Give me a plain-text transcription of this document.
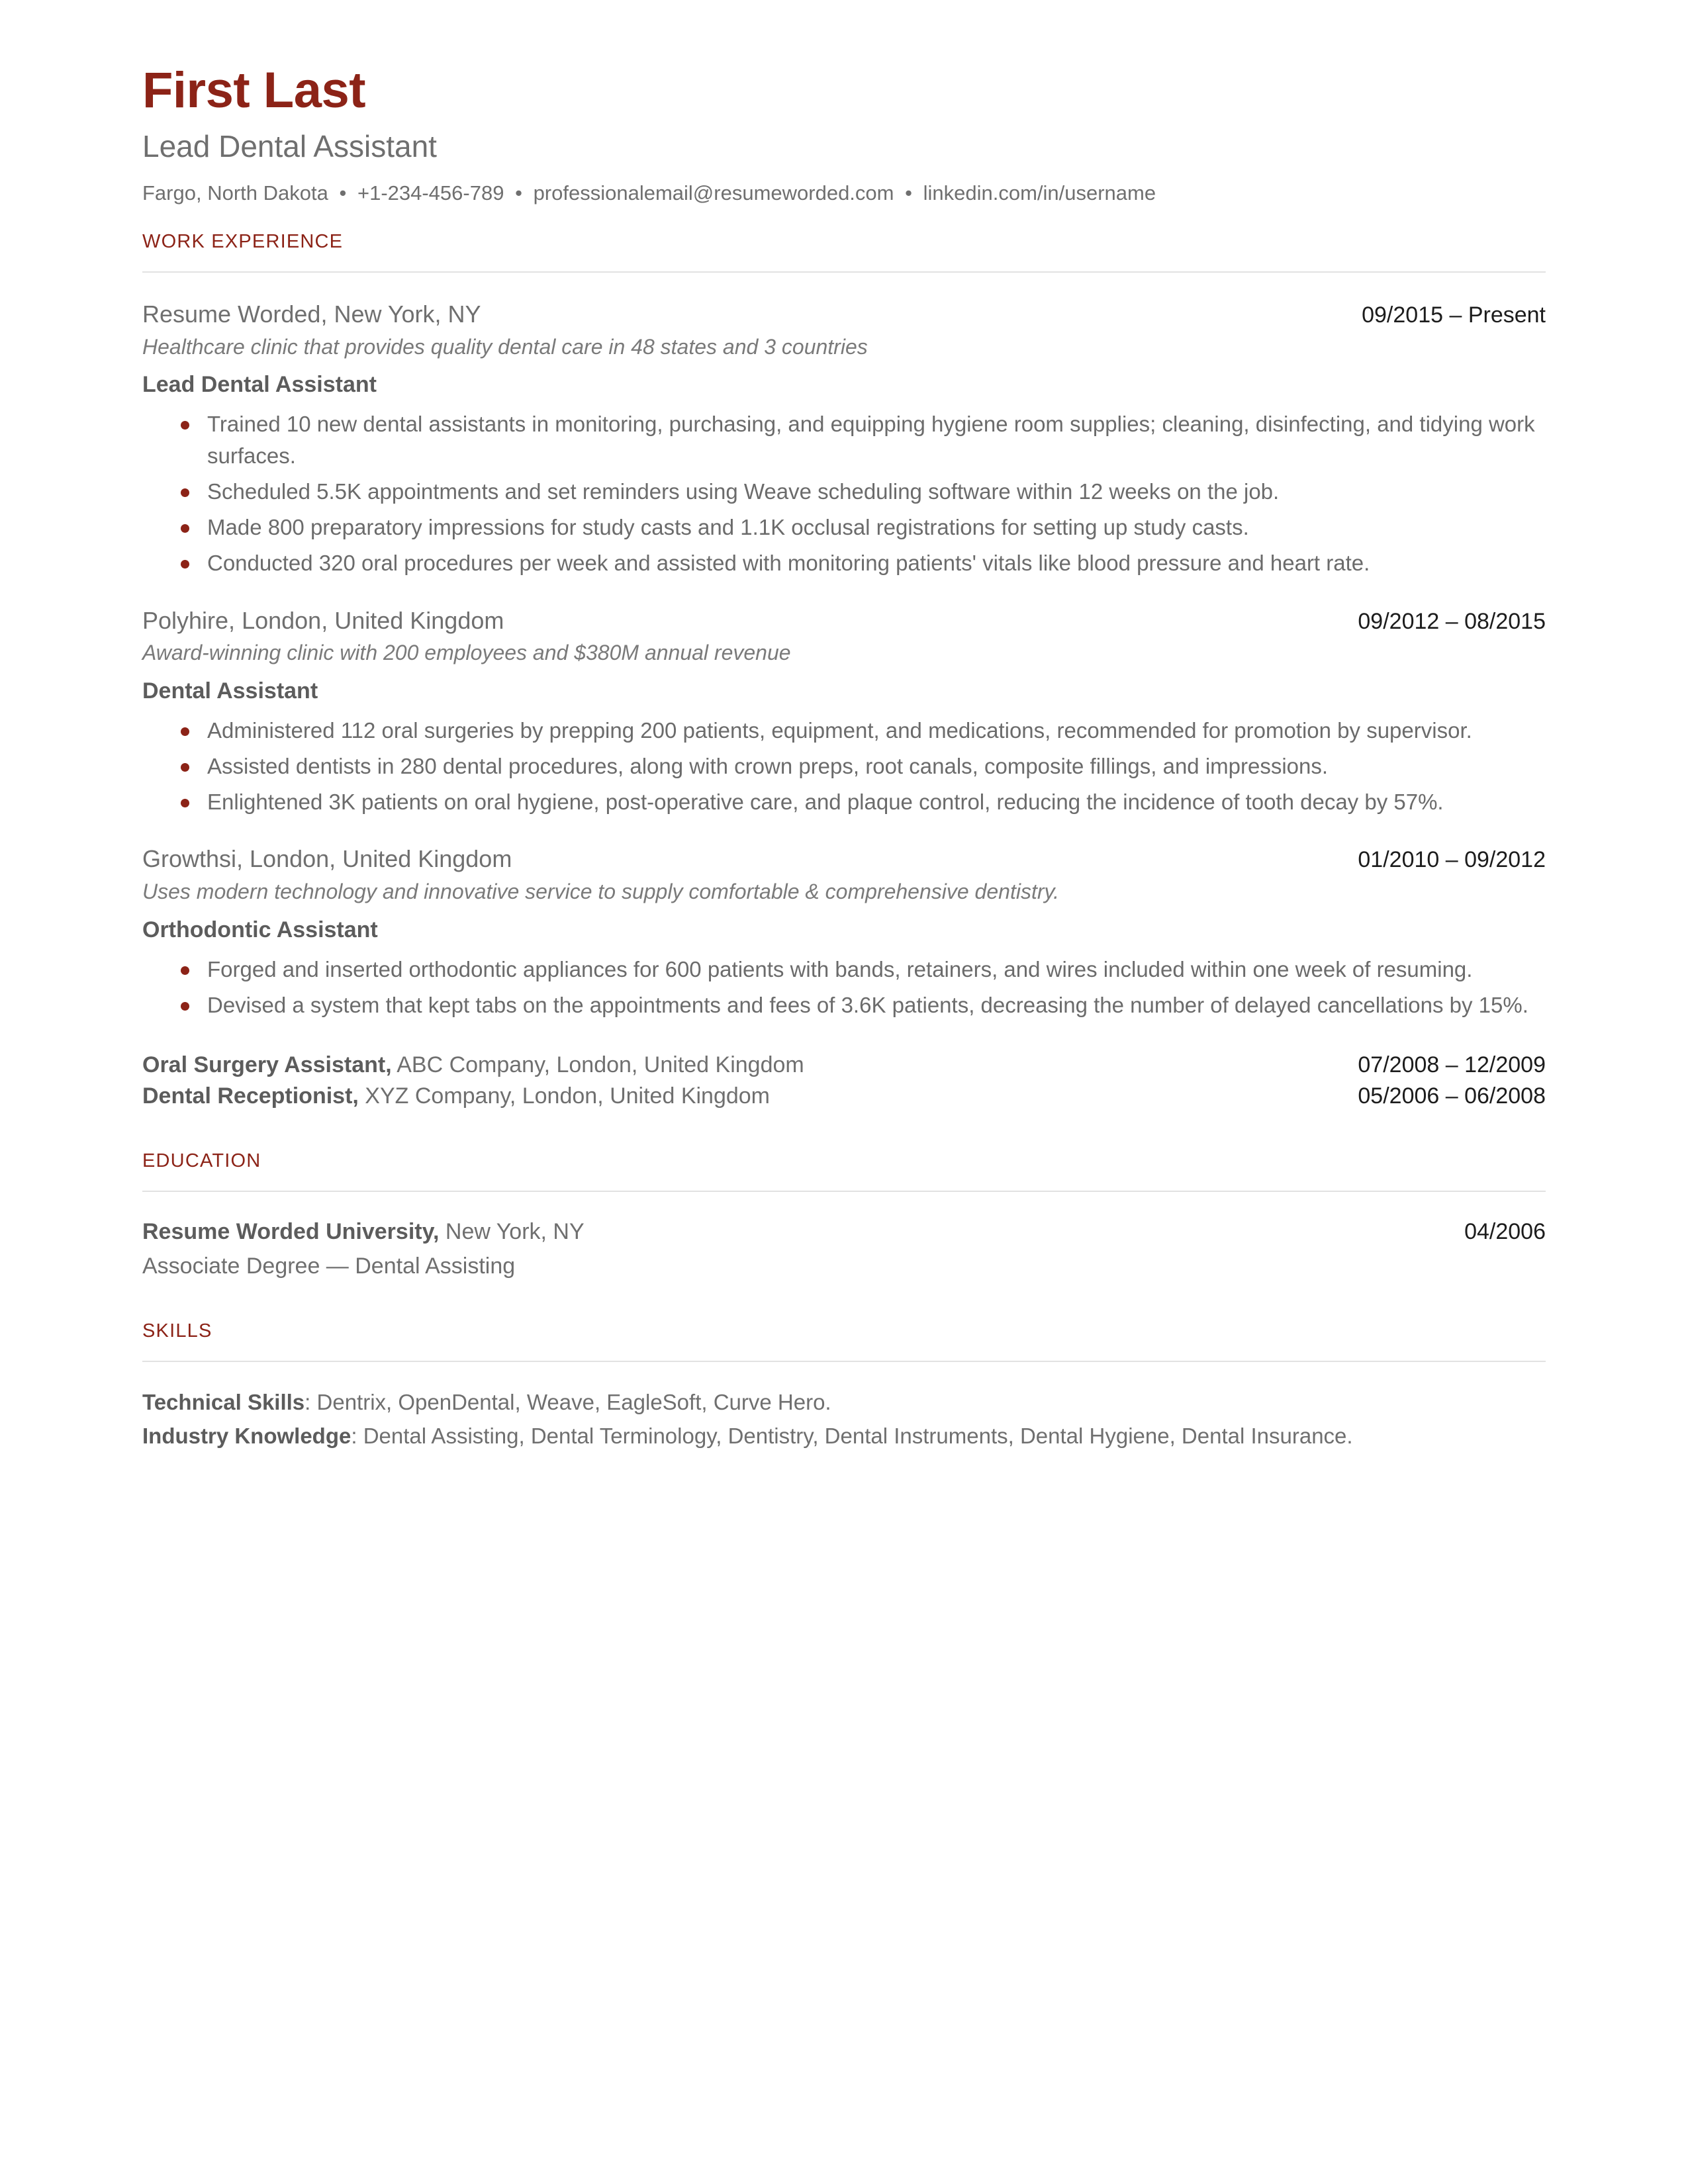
First Last
Lead Dental Assistant
Fargo, North Dakota • +1-234-456-789 • professionalemail@resumeworded.com • linkedin.com/in/username
WORK EXPERIENCE
Resume Worded, New York, NY	09/2015 – Present
Healthcare clinic that provides quality dental care in 48 states and 3 countries
Lead Dental Assistant
Trained 10 new dental assistants in monitoring, purchasing, and equipping hygiene room supplies; cleaning, disinfecting, and tidying work surfaces.
Scheduled 5.5K appointments and set reminders using Weave scheduling software within 12 weeks on the job.
Made 800 preparatory impressions for study casts and 1.1K occlusal registrations for setting up study casts.
Conducted 320 oral procedures per week and assisted with monitoring patients' vitals like blood pressure and heart rate.
Polyhire, London, United Kingdom	09/2012 – 08/2015
Award-winning clinic with 200 employees and $380M annual revenue
Dental Assistant
Administered 112 oral surgeries by prepping 200 patients, equipment, and medications, recommended for promotion by supervisor.
Assisted dentists in 280 dental procedures, along with crown preps, root canals, composite fillings, and impressions.
Enlightened 3K patients on oral hygiene, post-operative care, and plaque control, reducing the incidence of tooth decay by 57%.
Growthsi, London, United Kingdom	01/2010 – 09/2012
Uses modern technology and innovative service to supply comfortable & comprehensive dentistry.
Orthodontic Assistant
Forged and inserted orthodontic appliances for 600 patients with bands, retainers, and wires included within one week of resuming.
Devised a system that kept tabs on the appointments and fees of 3.6K patients, decreasing the number of delayed cancellations by 15%.
Oral Surgery Assistant, ABC Company, London, United Kingdom	07/2008 – 12/2009
Dental Receptionist, XYZ Company, London, United Kingdom	05/2006 – 06/2008
EDUCATION
Resume Worded University, New York, NY	04/2006
Associate Degree — Dental Assisting
SKILLS
Technical Skills: Dentrix, OpenDental, Weave, EagleSoft, Curve Hero.
Industry Knowledge: Dental Assisting, Dental Terminology, Dentistry, Dental Instruments, Dental Hygiene, Dental Insurance.
